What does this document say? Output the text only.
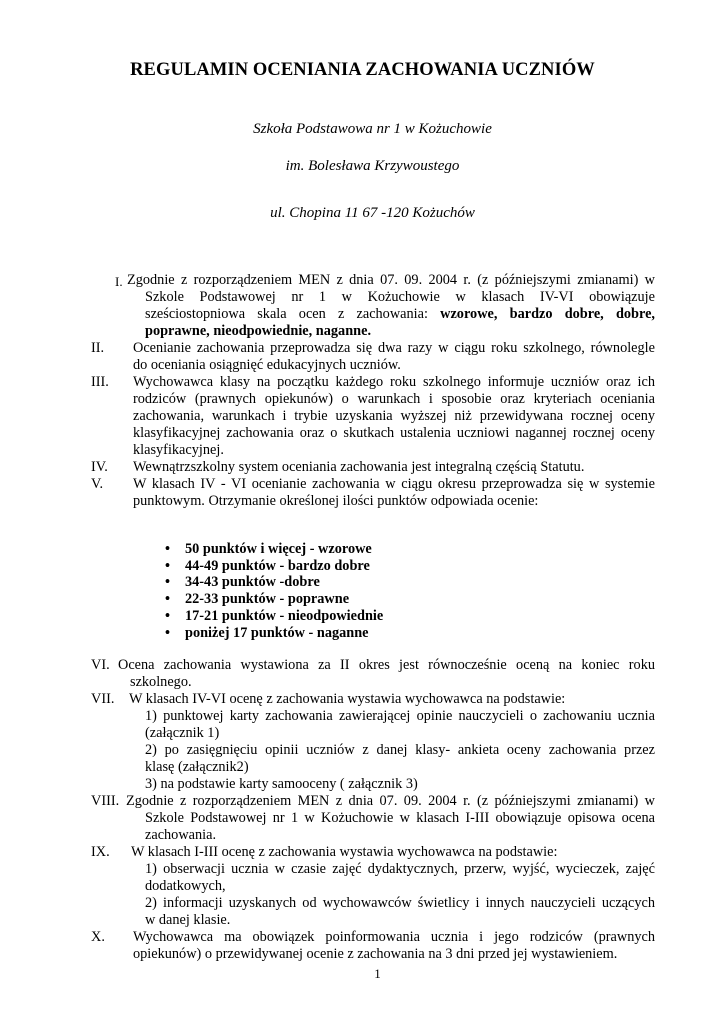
REGULAMIN OCENIANIA ZACHOWANIA UCZNIÓW
Szkoła Podstawowa nr 1 w Kożuchowie
im. Bolesława Krzywoustego
ul. Chopina 11 67 -120 Kożuchów
I. Zgodnie z rozporządzeniem MEN z dnia 07. 09. 2004 r. (z późniejszymi zmianami) w
Szkole Podstawowej nr 1 w Kożuchowie w klasach IV-VI obowiązuje
sześciostopniowa skala ocen z zachowania: wzorowe, bardzo dobre, dobre,
poprawne, nieodpowiednie, naganne.
II. Ocenianie zachowania przeprowadza się dwa razy w ciągu roku szkolnego, równolegle
do oceniania osiągnięć edukacyjnych uczniów.
III. Wychowawca klasy na początku każdego roku szkolnego informuje uczniów oraz ich
rodziców (prawnych opiekunów) o warunkach i sposobie oraz kryteriach oceniania
zachowania, warunkach i trybie uzyskania wyższej niż przewidywana rocznej oceny
klasyfikacyjnej zachowania oraz o skutkach ustalenia uczniowi nagannej rocznej oceny
klasyfikacyjnej.
IV. Wewnątrzszkolny system oceniania zachowania jest integralną częścią Statutu.
V. W klasach IV - VI ocenianie zachowania w ciągu okresu przeprowadza się w systemie
punktowym. Otrzymanie określonej ilości punktów odpowiada ocenie:
•	50 punktów i więcej - wzorowe
•	44-49 punktów - bardzo dobre
•	34-43 punktów -dobre
•	22-33 punktów - poprawne
•	17-21 punktów - nieodpowiednie
•	poniżej 17 punktów - naganne
VI. Ocena zachowania wystawiona za II okres jest równocześnie oceną na koniec roku
szkolnego.
VII. W klasach IV-VI ocenę z zachowania wystawia wychowawca na podstawie:
1) punktowej karty zachowania zawierającej opinie nauczycieli o zachowaniu ucznia
(załącznik 1)
2) po zasięgnięciu opinii uczniów z danej klasy- ankieta oceny zachowania przez
klasę (załącznik2)
3) na podstawie karty samooceny ( załącznik 3)
VIII. Zgodnie z rozporządzeniem MEN z dnia 07. 09. 2004 r. (z późniejszymi zmianami) w
Szkole Podstawowej nr 1 w Kożuchowie w klasach I-III obowiązuje opisowa ocena
zachowania.
IX. W klasach I-III ocenę z zachowania wystawia wychowawca na podstawie:
1) obserwacji ucznia w czasie zajęć dydaktycznych, przerw, wyjść, wycieczek, zajęć
dodatkowych,
2) informacji uzyskanych od wychowawców świetlicy i innych nauczycieli uczących
w danej klasie.
X. Wychowawca ma obowiązek poinformowania ucznia i jego rodziców (prawnych
opiekunów) o przewidywanej ocenie z zachowania na 3 dni przed jej wystawieniem.
1
